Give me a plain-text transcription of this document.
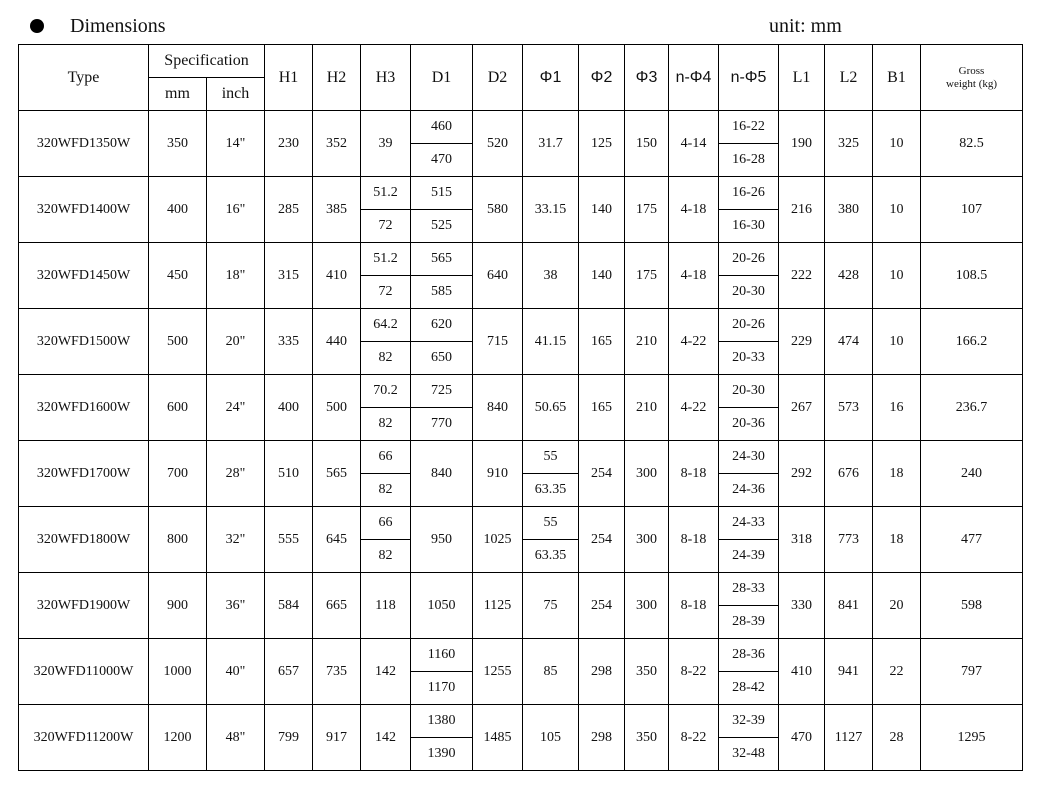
Dimensions	unit: mm
Type	Specification		H1	H2	H3	D1	D2	Φ1	Φ2	Φ3	n-Φ4	n-Φ5	L1	L2	B1	Gross
weight (kg)
	mm	inch														
320WFD1350W	350	14"	230	352	39	460	520	31.7	125	150	4-14	16-22	190	325	10	82.5
						470						16-28				
320WFD1400W	400	16"	285	385	51.2	515	580	33.15	140	175	4-18	16-26	216	380	10	107
					72	525						16-30				
320WFD1450W	450	18"	315	410	51.2	565	640	38	140	175	4-18	20-26	222	428	10	108.5
					72	585						20-30				
320WFD1500W	500	20"	335	440	64.2	620	715	41.15	165	210	4-22	20-26	229	474	10	166.2
					82	650						20-33				
320WFD1600W	600	24"	400	500	70.2	725	840	50.65	165	210	4-22	20-30	267	573	16	236.7
					82	770						20-36				
320WFD1700W	700	28"	510	565	66	840	910	55	254	300	8-18	24-30	292	676	18	240
					82			63.35				24-36				
320WFD1800W	800	32"	555	645	66	950	1025	55	254	300	8-18	24-33	318	773	18	477
					82			63.35				24-39				
320WFD1900W	900	36"	584	665	118	1050	1125	75	254	300	8-18	28-33	330	841	20	598
												28-39				
320WFD11000W	1000	40"	657	735	142	1160	1255	85	298	350	8-22	28-36	410	941	22	797
						1170						28-42				
320WFD11200W	1200	48"	799	917	142	1380	1485	105	298	350	8-22	32-39	470	1127	28	1295
						1390						32-48				
